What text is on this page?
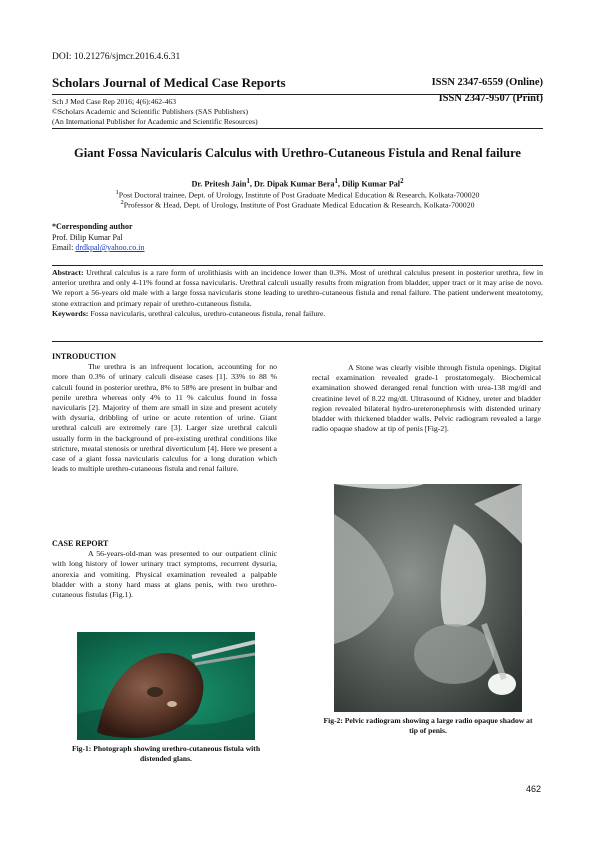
DOI: 10.21276/sjmcr.2016.4.6.31
Scholars Journal of Medical Case Reports	ISSN 2347-6559 (Online)
ISSN 2347-9507 (Print)
Sch J Med Case Rep 2016; 4(6):462-463
©Scholars Academic and Scientific Publishers (SAS Publishers)
(An International Publisher for Academic and Scientific Resources)
Giant Fossa Navicularis Calculus with Urethro-Cutaneous Fistula and Renal failure
Dr. Pritesh Jain$^1$, Dr. Dipak Kumar Bera$^1$, Dilip Kumar Pal$^2$
$^1$Post Doctoral trainee, Dept. of Urology, Institute of Post Graduate Medical Education & Research, Kolkata-700020
$^2$Professor & Head, Dept. of Urology, Institute of Post Graduate Medical Education & Research, Kolkata-700020
*Corresponding author
Prof. Dilip Kumar Pal
Email: drdkpal@yahoo.co.in
Abstract: Urethral calculus is a rare form of urolithiasis with an incidence lower than 0.3%. Most of urethral calculus present in posterior urethra, few in anterior urethra and only 4-11% found at fossa navicularis. Urethral calculi usually results from migration from bladder, upper tract or it may arise de novo. We report a 56-years old male with a large fossa navicularis stone leading to urethro-cutaneous fistula and renal failure. The patient underwent meatotomy, stone extraction and primary repair of urethro-cutaneous fistula.
Keywords: Fossa navicularis, urethral calculus, urethro-cutaneous fistula, renal failure.
INTRODUCTION
The urethra is an infrequent location, accounting for no more than 0.3% of urinary calculi disease cases [1]. 33% to 88 % calculi found in posterior urethra, 8% to 58% are present in bulbar and penile urethra whereas only 4% to 11 % calculus found in fossa navicularis [2]. Majority of them are small in size and present acutely with dysuria, dribbling of urine or acute retention of urine. Giant urethral calculi are extremely rare [3]. Larger size urethral calculi usually form in the background of pre-existing urethral conditions like stricture, meatal stenosis or urethral diverticulum [4]. Here we present a case of a giant fossa navicularis calculus for a long duration which leads to multiple urethro-cutaneous fistula and renal failure.
CASE REPORT
A 56-years-old-man was presented to our outpatient clinic with long history of lower urinary tract symptoms, recurrent dysuria, anorexia and vomiting. Physical examination revealed a palpable bladder with a stony hard mass at glans penis, with two urethro-cutaneous fistulas (Fig.1).
Fig-1: Photograph showing urethro-cutaneous fistula with distended glans.
A Stone was clearly visible through fistula openings. Digital rectal examination revealed grade-1 prostatomegaly. Biochemical examination showed deranged renal function with urea-138 mg/dl and creatinine level of 8.22 mg/dl. Ultrasound of Kidney, ureter and bladder region revealed bilateral hydro-ureteronephrosis with distended urinary bladder with thickened bladder walls. Pelvic radiogram revealed a large radio opaque shadow at tip of penis [Fig-2].
Fig-2: Pelvic radiogram showing a large radio opaque shadow at tip of penis.
462
